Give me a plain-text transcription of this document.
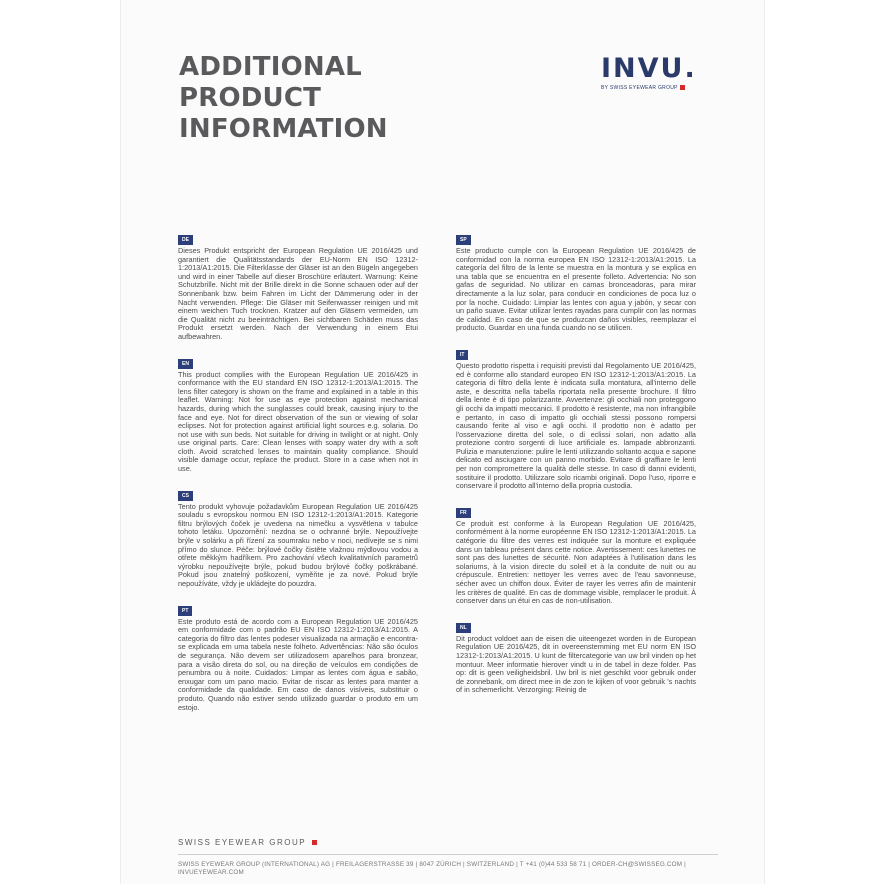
ADDITIONAL
PRODUCT
INFORMATION
INVU.
BY SWISS EYEWEAR GROUP
DE

Dieses Produkt entspricht der European Regulation UE 2016/425 und garantiert die Qualitätsstandards der EU-Norm EN ISO 12312-1:2013/A1:2015. Die Filterklasse der Gläser ist an den Bügeln angegeben und wird in einer Tabelle auf dieser Broschüre erläutert. Warnung: Keine Schutzbrille. Nicht mit der Brille direkt in die Sonne schauen oder auf der Sonnenbank bzw. beim Fahren im Licht der Dämmerung oder in der Nacht verwenden. Pflege: Die Gläser mit Seifenwasser reinigen und mit einem weichen Tuch trocknen. Kratzer auf den Gläsern vermeiden, um die Qualität nicht zu beeinträchtigen. Bei sichtbaren Schäden muss das Produkt ersetzt werden. Nach der Verwendung in einem Etui aufbewahren.

EN

This product complies with the European Regulation UE 2016/425 in conformance with the EU standard EN ISO 12312-1:2013/A1:2015. The lens filter category is shown on the frame and explained in a table in this leaflet. Warning: Not for use as eye protection against mechanical hazards, during which the sunglasses could break, causing injury to the face and eye. Not for direct observation of the sun or viewing of solar eclipses. Not for protection against artificial light sources e.g. solaria. Do not use with sun beds. Not suitable for driving in twilight or at night. Only use original parts. Care: Clean lenses with soapy water dry with a soft cloth. Avoid scratched lenses to maintain quality compliance. Should visible damage occur, replace the product. Store in a case when not in use.

CS

Tento produkt vyhovuje požadavkům European Regulation UE 2016/425 souladu s evropskou normou EN ISO 12312-1:2013/A1:2015. Kategorie filtru brýlových čoček je uvedena na nimečku a vysvětlena v tabulce tohoto letáku. Upozornění: nezdna se o ochranné brýle. Nepoužívejte brýle v solárku a při řízení za soumraku nebo v noci, nedívejte se s nimi přímo do slunce. Péče: brýlové čočky čistěte vlažnou mýdlovou vodou a otřete měkkým hadříkem. Pro zachování všech kvalitativních parametrů výrobku nepoužívejte brýle, pokud budou brýlové čočky poškrábané. Pokud jsou znatelný poškození, vyměňte je za nové. Pokud brýle nepoužíváte, vždy je ukládejte do pouzdra.

PT

Este produto está de acordo com a European Regulation UE 2016/425 em conformidade com o padrão EU EN ISO 12312-1:2013/A1:2015. A categoria do filtro das lentes podeser visualizada na armação e encontra-se explicada em uma tabela neste folheto. Advertências: Não são óculos de segurança. Não devem ser utilizadosem aparelhos para bronzear, para a visão direta do sol, ou na direção de veículos em condições de penumbra ou à noite. Cuidados: Limpar as lentes com água e sabão, enxugar com um pano macio. Evitar de riscar as lentes para manter a conformidade da qualidade. Em caso de danos visíveis, substituir o produto. Quando não estiver sendo utilizado guardar o produto em um estojo.

SP

Este producto cumple con la European Regulation UE 2016/425 de conformidad con la norma europea EN ISO 12312-1:2013/A1:2015. La categoría del filtro de la lente se muestra en la montura y se explica en una tabla que se encuentra en el presente folleto. Advertencia: No son gafas de seguridad. No utilizar en camas bronceadoras, para mirar directamente a la luz solar, para conducir en condiciones de poca luz o por la noche. Cuidado: Limpiar las lentes con agua y jabón, y secar con un paño suave. Evitar utilizar lentes rayadas para cumplir con las normas de calidad. En caso de que se produzcan daños visibles, reemplazar el producto. Guardar en una funda cuando no se utilicen.

IT

Questo prodotto rispetta i requisiti previsti dal Regolamento UE 2016/425, ed è conforme allo standard europeo EN ISO 12312-1:2013/A1:2015. La categoria di filtro della lente è indicata sulla montatura, all'interno delle aste, e descritta nella tabella riportata nella presente brochure. Il filtro della lente è di tipo polarizzante. Avvertenze: gli occhiali non proteggono gli occhi da impatti meccanici. Il prodotto è resistente, ma non infrangibile e pertanto, in caso di impatto gli occhiali stessi possono rompersi causando ferite al viso e agli occhi. Il prodotto non è adatto per l'osservazione diretta del sole, o di eclissi solari, non adatto alla protezione contro sorgenti di luce artificiale es. lampade abbronzanti. Pulizia e manutenzione: pulire le lenti utilizzando soltanto acqua e sapone delicato ed asciugare con un panno morbido. Evitare di graffiare le lenti per non compromettere la qualità delle stesse. In caso di danni evidenti, sostituire il prodotto. Utilizzare solo ricambi originali. Dopo l'uso, riporre e conservare il prodotto all'interno della propria custodia.

FR

Ce produit est conforme à la European Regulation UE 2016/425, conformément à la norme européenne EN ISO 12312-1:2013/A1:2015. La catégorie du filtre des verres est indiquée sur la monture et expliquée dans un tableau présent dans cette notice. Avertissement: ces lunettes ne sont pas des lunettes de sécurité. Non adaptées à l'utilisation dans les solariums, à la vision directe du soleil et à la conduite de nuit ou au crépuscule. Entretien: nettoyer les verres avec de l'eau savonneuse, sécher avec un chiffon doux. Éviter de rayer les verres afin de maintenir les critères de qualité. En cas de dommage visible, remplacer le produit. À conserver dans un étui en cas de non-utilisation.

NL

Dit product voldoet aan de eisen die uiteengezet worden in de European Regulation UE 2016/425, dit in overeenstemming met EU norm EN ISO 12312-1:2013/A1:2015. U kunt de filtercategorie van uw bril vinden op het montuur. Meer informatie hierover vindt u in de tabel in deze folder. Pas op: dit is geen veiligheidsbril. Uw bril is niet geschikt voor gebruik onder de zonnebank, om direct mee in de zon te kijken of voor gebruik 's nachts of in schemerlicht. Verzorging: Reinig de

SWISS EYEWEAR GROUP
SWISS EYEWEAR GROUP (INTERNATIONAL) AG | FREILAGERSTRASSE 39 | 8047 ZÜRICH | SWITZERLAND | T +41 (0)44 533 58 71 | ORDER-CH@SWISSEG.COM | INVUEYEWEAR.COM
